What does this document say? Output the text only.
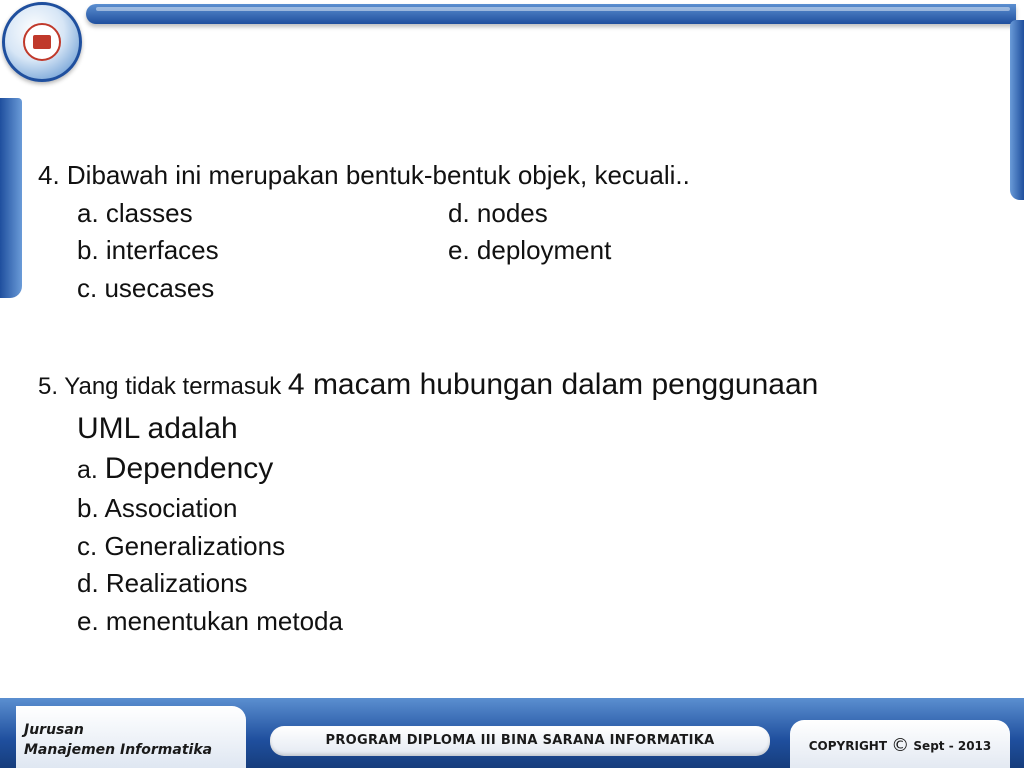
4. Dibawah ini merupakan bentuk-bentuk objek, kecuali..
a. classes	d. nodes
b. interfaces	e. deployment
c. usecases
5. Yang tidak termasuk 4 macam hubungan dalam penggunaan
UML adalah
a. Dependency
b. Association
c. Generalizations
d. Realizations
e. menentukan metoda
Jurusan
Manajemen Informatika
PROGRAM DIPLOMA III BINA SARANA INFORMATIKA	COPYRIGHT © Sept - 2013
